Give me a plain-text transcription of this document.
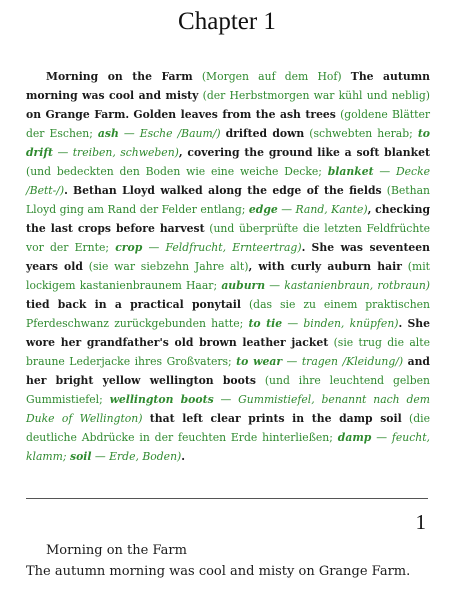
Chapter 1

Morning on the Farm (Morgen auf dem Hof) The autumn morning was cool and misty (der Herbstmorgen war kühl und neblig) on Grange Farm. Golden leaves from the ash trees (goldene Blätter der Eschen; ash — Esche /Baum/) drifted down (schwebten herab; to drift — treiben, schweben), covering the ground like a soft blanket (und bedeckten den Boden wie eine weiche Decke; blanket — Decke /Bett-/). Bethan Lloyd walked along the edge of the fields (Bethan Lloyd ging am Rand der Felder entlang; edge — Rand, Kante), checking the last crops before harvest (und überprüfte die letzten Feldfrüchte vor der Ernte; crop — Feldfrucht, Ernteertrag). She was seventeen years old (sie war siebzehn Jahre alt), with curly auburn hair (mit lockigem kastanienbraunem Haar; auburn — kastanienbraun, rotbraun) tied back in a practical ponytail (das sie zu einem praktischen Pferdeschwanz zurückgebunden hatte; to tie — binden, knüpfen). She wore her grandfather's old brown leather jacket (sie trug die alte braune Lederjacke ihres Großvaters; to wear — tragen /Kleidung/) and her bright yellow wellington boots (und ihre leuchtend gelben Gummistiefel; wellington boots — Gummistiefel, benannt nach dem Duke of Wellington) that left clear prints in the damp soil (die deutliche Abdrücke in der feuchten Erde hinterließen; damp — feucht, klamm; soil — Erde, Boden).

1

Morning on the Farm

The autumn morning was cool and misty on Grange Farm.
